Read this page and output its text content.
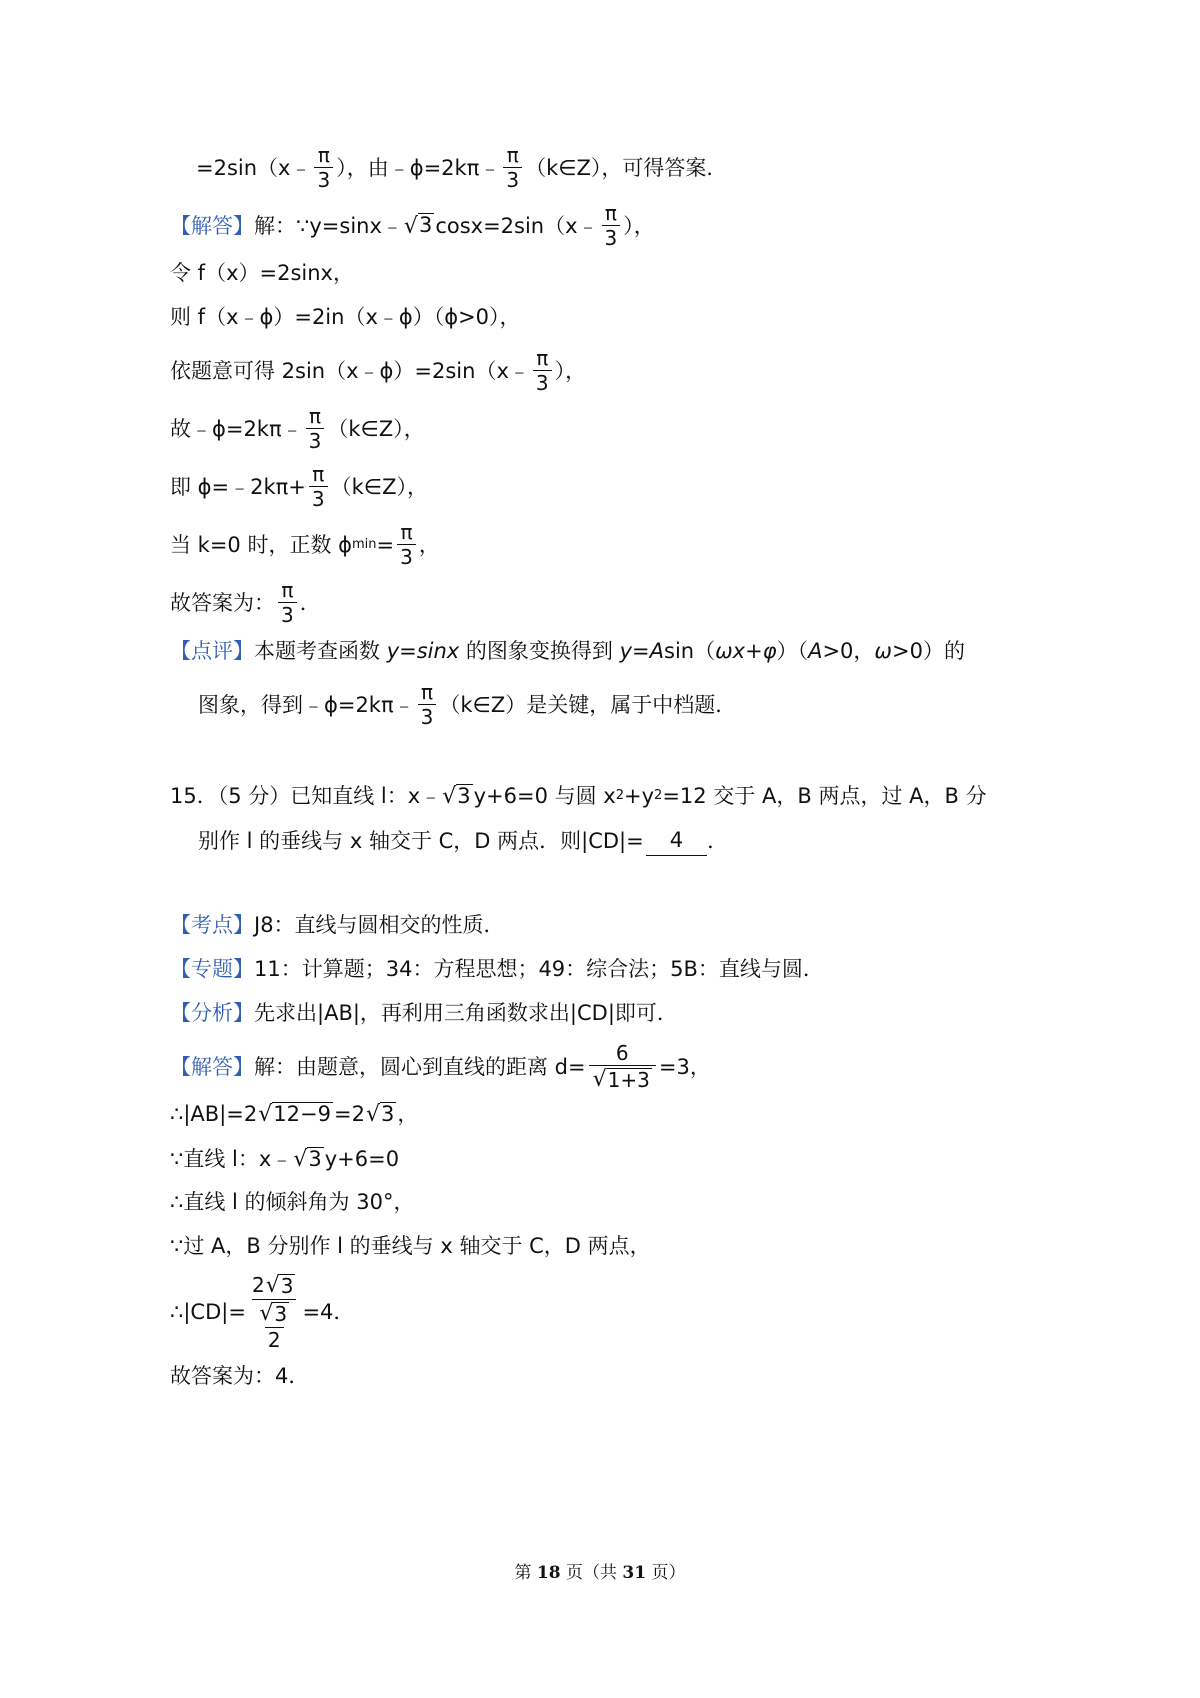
=2sin（x﹣ $\frac{\pi}{3}$ ），由﹣ϕ=2kπ﹣ $\frac{\pi}{3}$ （k∈Z），可得答案．
【解答】 解：∵y=sinx﹣ √ 3 cosx=2sin（x﹣ $\frac{\pi}{3}$ ），
令 f（x）=2sinx，
则 f（x﹣ϕ）=2in（x﹣ϕ）（ϕ>0），
依题意可得 2sin（x﹣ϕ）=2sin（x﹣ $\frac{\pi}{3}$ ），
故﹣ϕ=2kπ﹣ $\frac{\pi}{3}$ （k∈Z），
即 ϕ=﹣2kπ+ $\frac{\pi}{3}$ （k∈Z），
当 k=0 时，正数 ϕ $\min = \frac{\pi}{3}$ ，
故答案为： $\frac{\pi}{3}$ ．
【点评】 本题考查函数
y=sinx
的图象变换得到
y=A sin（ ωx+φ ）（ A >0， ω >0）的
图象，得到﹣ϕ=2kπ﹣ $\frac{\pi}{3}$ （k∈Z）是关键，属于中档题．
15．（5 分）已知直线 l：x﹣ √ 3 y+6=0 与圆 x 2 +y 2 =12 交于 A，B 两点，过 A，B 分
别作 l 的垂线与 x 轴交于 C，D 两点．则|CD|=	4	．
【考点】 J8：直线与圆相交的性质．
【专题】 11：计算题；34：方程思想；49：综合法；5B：直线与圆．
【分析】 先求出|AB|，再利用三角函数求出|CD|即可．
【解答】 解：由题意，圆心到直线的距离 $d= \frac{6}{√ 1+3} =3$，
∴|AB|=2 √ 12−9 =2 √ 3 ，
∵直线 l：x﹣ √ 3 y+6=0
∴直线 l 的倾斜角为 30°，
∵过 A，B 分别作 l 的垂线与 x 轴交于 C，D 两点，
∴|CD|= $\frac{2 √ 3}{\frac{√ 3}{2}} =4$．
故答案为：4．
第 18 页（共 31 页）
